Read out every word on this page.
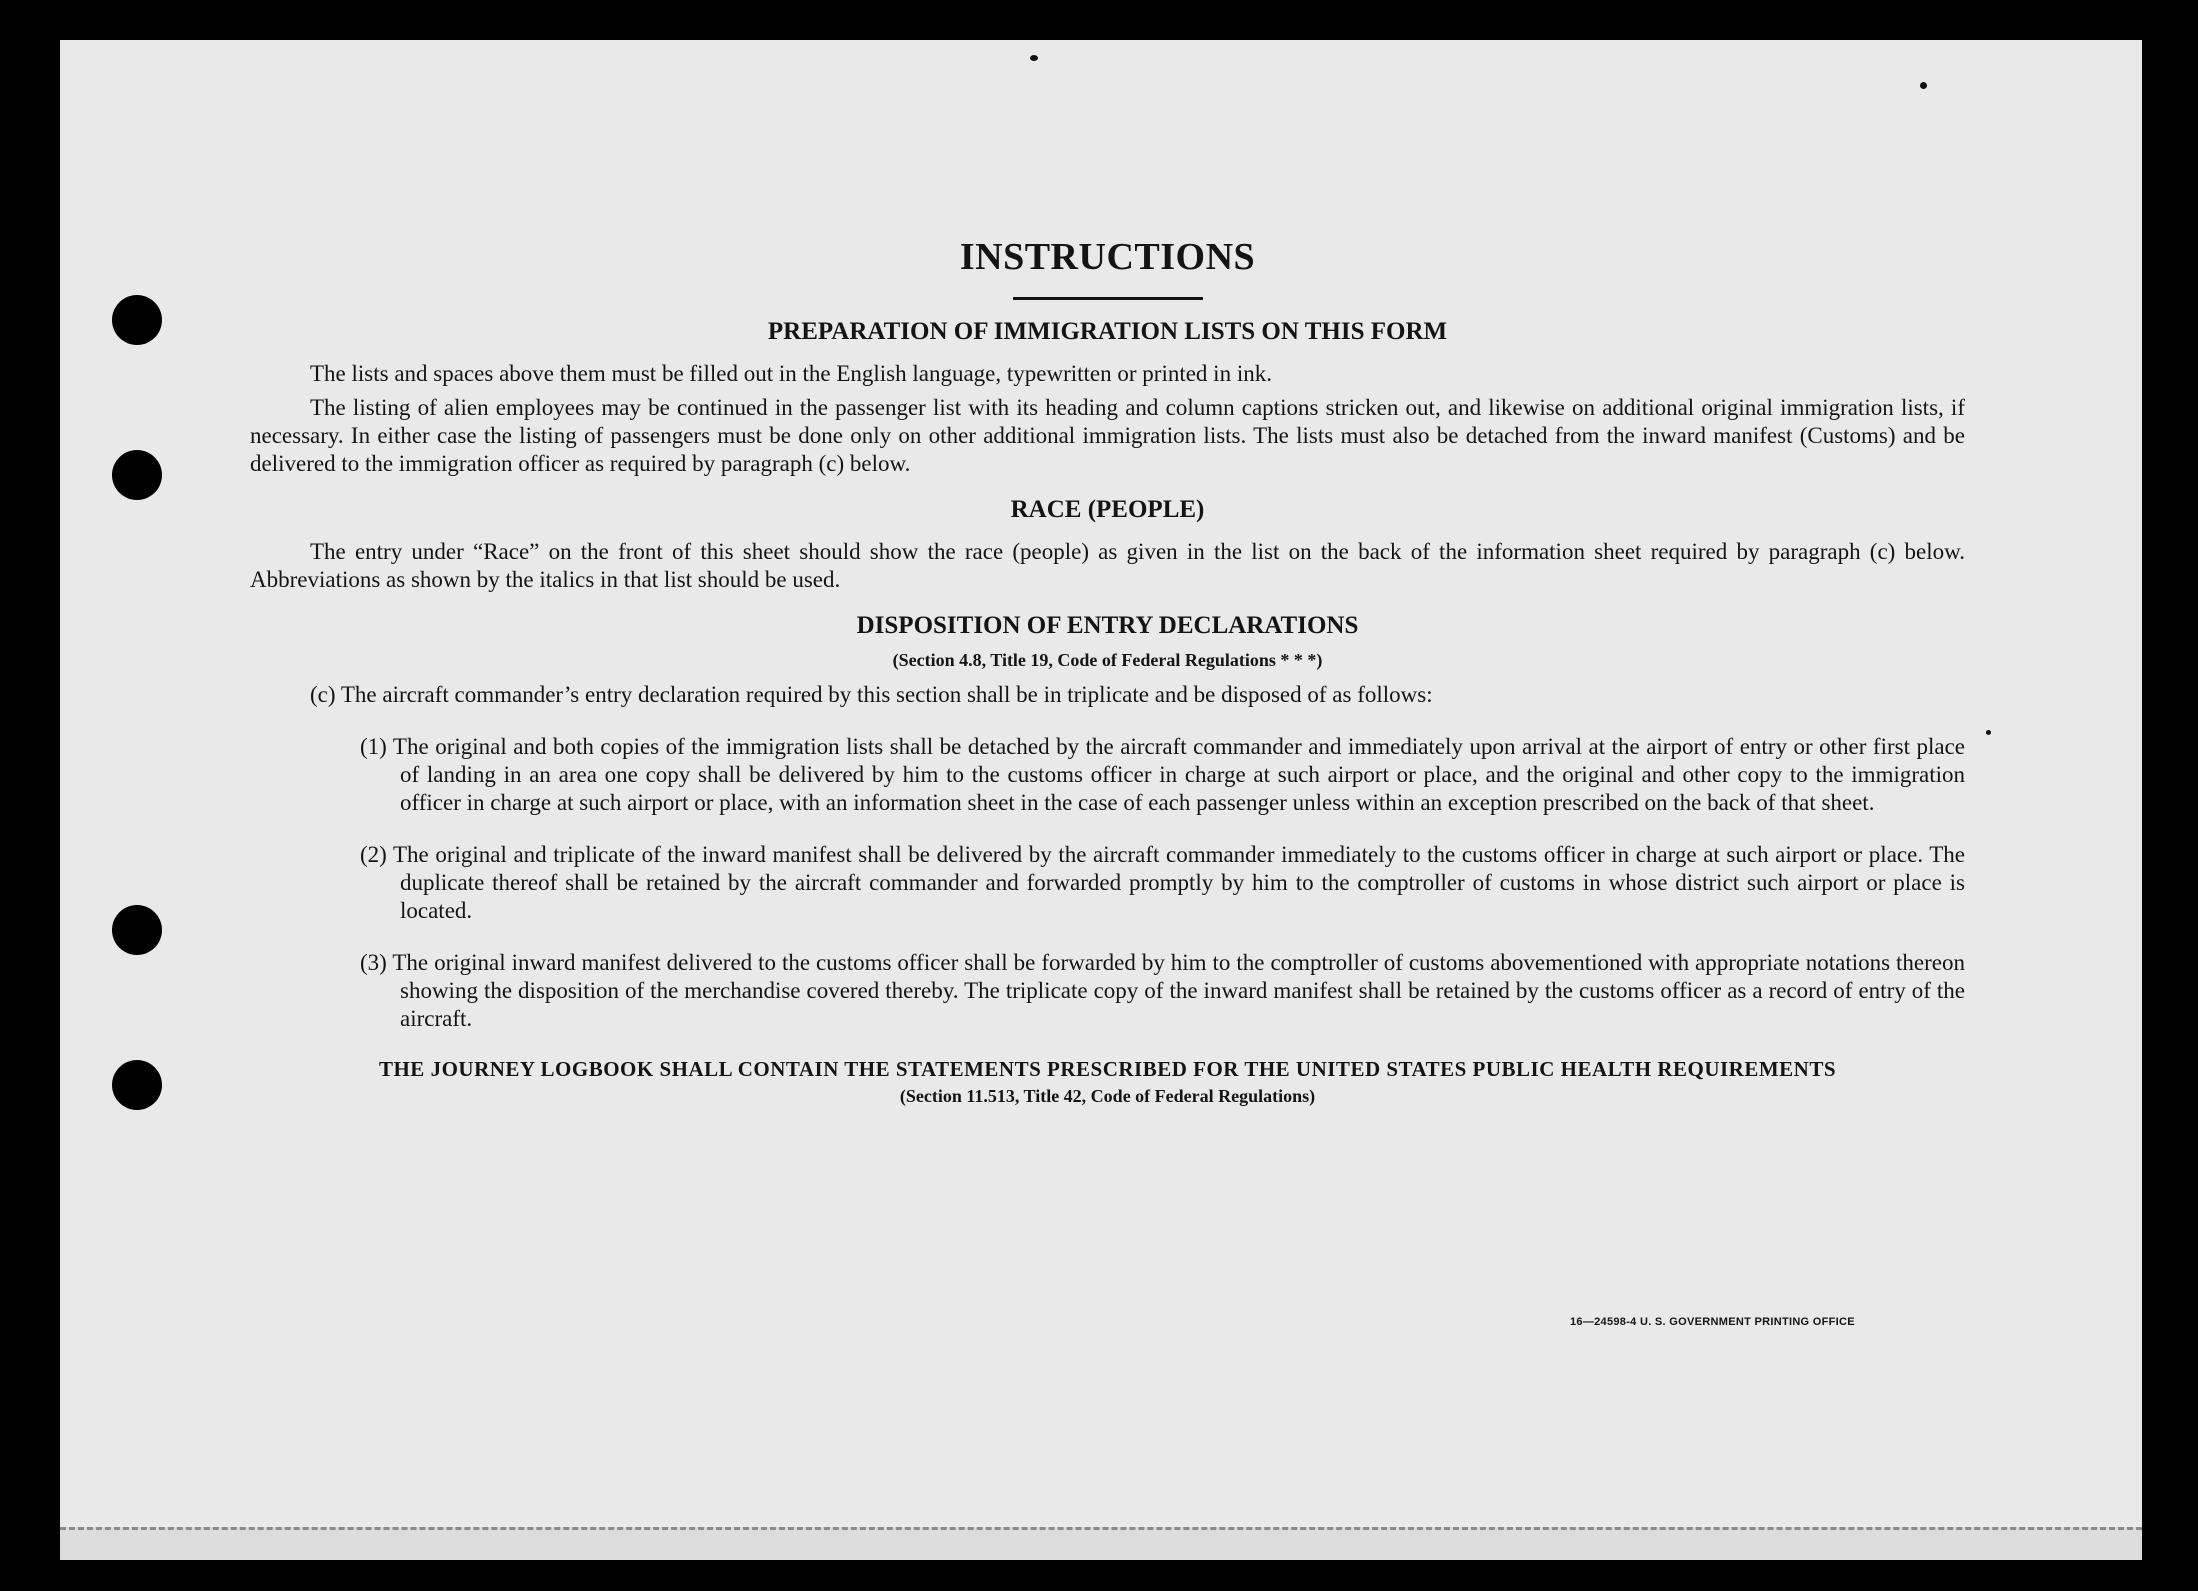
16—24598-4 U. S. GOVERNMENT PRINTING OFFICE
INSTRUCTIONS
PREPARATION OF IMMIGRATION LISTS ON THIS FORM

The lists and spaces above them must be filled out in the English language, typewritten or printed in ink.

The listing of alien employees may be continued in the passenger list with its heading and column captions stricken out, and likewise on additional original immigration lists, if necessary. In either case the listing of passengers must be done only on other additional immigration lists. The lists must also be detached from the inward manifest (Customs) and be delivered to the immigration officer as required by paragraph (c) below.

RACE (PEOPLE)

The entry under “Race” on the front of this sheet should show the race (people) as given in the list on the back of the information sheet required by paragraph (c) below. Abbreviations as shown by the italics in that list should be used.

DISPOSITION OF ENTRY DECLARATIONS
(Section 4.8, Title 19, Code of Federal Regulations * * *)

(c) The aircraft commander’s entry declaration required by this section shall be in triplicate and be disposed of as follows:

(1) The original and both copies of the immigration lists shall be detached by the aircraft commander and immediately upon arrival at the airport of entry or other first place of landing in an area one copy shall be delivered by him to the customs officer in charge at such airport or place, and the original and other copy to the immigration officer in charge at such airport or place, with an information sheet in the case of each passenger unless within an exception prescribed on the back of that sheet.

(2) The original and triplicate of the inward manifest shall be delivered by the aircraft commander immediately to the customs officer in charge at such airport or place. The duplicate thereof shall be retained by the aircraft commander and forwarded promptly by him to the comptroller of customs in whose district such airport or place is located.

(3) The original inward manifest delivered to the customs officer shall be forwarded by him to the comptroller of customs abovementioned with appropriate notations thereon showing the disposition of the merchandise covered thereby. The triplicate copy of the inward manifest shall be retained by the customs officer as a record of entry of the aircraft.

THE JOURNEY LOGBOOK SHALL CONTAIN THE STATEMENTS PRESCRIBED FOR THE UNITED STATES PUBLIC HEALTH REQUIREMENTS
(Section 11.513, Title 42, Code of Federal Regulations)
